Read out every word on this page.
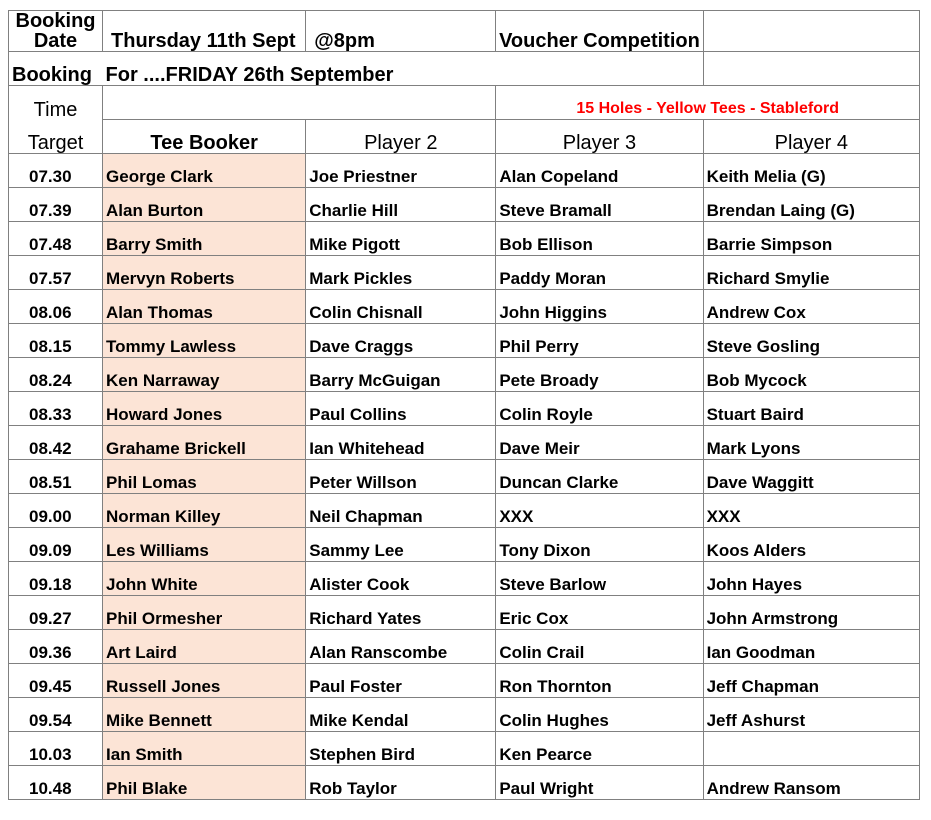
Booking Date	Thursday 11th Sept	@8pm	Voucher Competition	
Booking	For ....FRIDAY 26th September			
Time			15 Holes - Yellow Tees - Stableford	
Target	Tee Booker	Player 2	Player 3	Player 4
07.30	George Clark	Joe Priestner	Alan Copeland	Keith Melia (G)
07.39	Alan Burton	Charlie Hill	Steve Bramall	Brendan Laing (G)
07.48	Barry Smith	Mike Pigott	Bob Ellison	Barrie Simpson
07.57	Mervyn Roberts	Mark Pickles	Paddy Moran	Richard Smylie
08.06	Alan Thomas	Colin Chisnall	John Higgins	Andrew Cox
08.15	Tommy Lawless	Dave Craggs	Phil Perry	Steve Gosling
08.24	Ken Narraway	Barry McGuigan	Pete Broady	Bob Mycock
08.33	Howard Jones	Paul Collins	Colin Royle	Stuart Baird
08.42	Grahame Brickell	Ian Whitehead	Dave Meir	Mark Lyons
08.51	Phil Lomas	Peter Willson	Duncan Clarke	Dave Waggitt
09.00	Norman Killey	Neil Chapman	XXX	XXX
09.09	Les Williams	Sammy Lee	Tony Dixon	Koos Alders
09.18	John White	Alister Cook	Steve Barlow	John Hayes
09.27	Phil Ormesher	Richard Yates	Eric Cox	John Armstrong
09.36	Art Laird	Alan Ranscombe	Colin Crail	Ian Goodman
09.45	Russell Jones	Paul Foster	Ron Thornton	Jeff Chapman
09.54	Mike Bennett	Mike Kendal	Colin Hughes	Jeff Ashurst
10.03	Ian Smith	Stephen Bird	Ken Pearce	
10.48	Phil Blake	Rob Taylor	Paul Wright	Andrew Ransom
